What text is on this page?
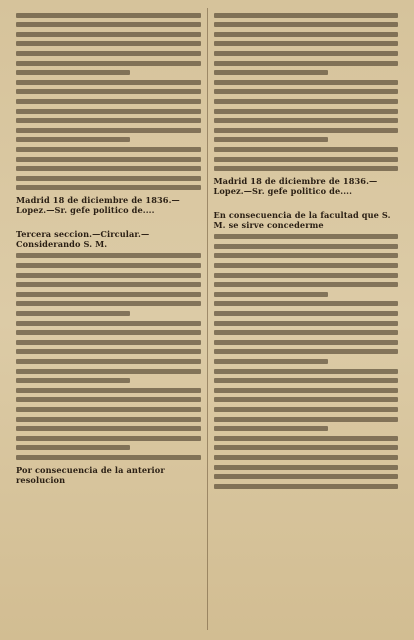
Madrid 18 de diciembre de 1836.—Lopez.—Sr. gefe politico de....
Tercera seccion.—Circular.—Considerando S. M.
Por consecuencia de la anterior resolucion
Madrid 18 de diciembre de 1836.—Lopez.—Sr. gefe politico de....
En consecuencia de la facultad que S. M. se sirve concederme
